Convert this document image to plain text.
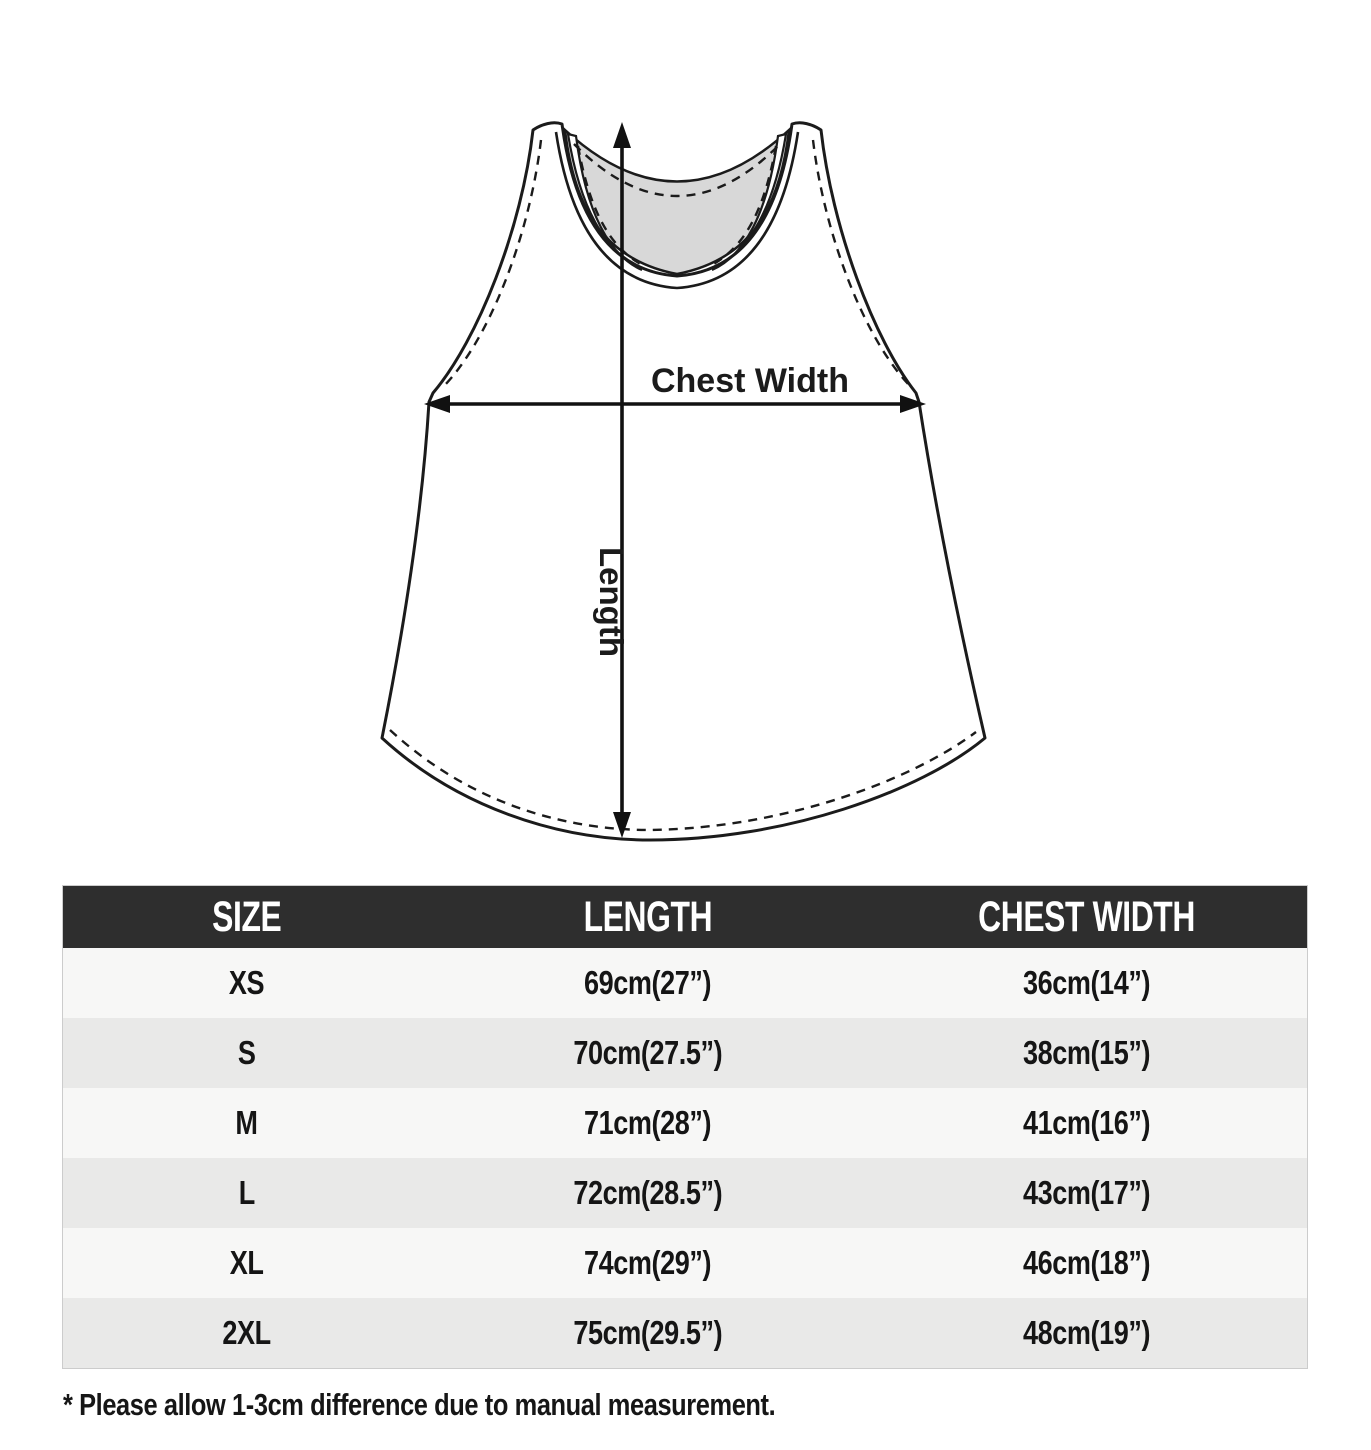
Chest Width
Length
SIZE	LENGTH	CHEST WIDTH
XS	69cm(27”)	36cm(14”)
S	70cm(27.5”)	38cm(15”)
M	71cm(28”)	41cm(16”)
L	72cm(28.5”)	43cm(17”)
XL	74cm(29”)	46cm(18”)
2XL	75cm(29.5”)	48cm(19”)
* Please allow 1-3cm difference due to manual measurement.
